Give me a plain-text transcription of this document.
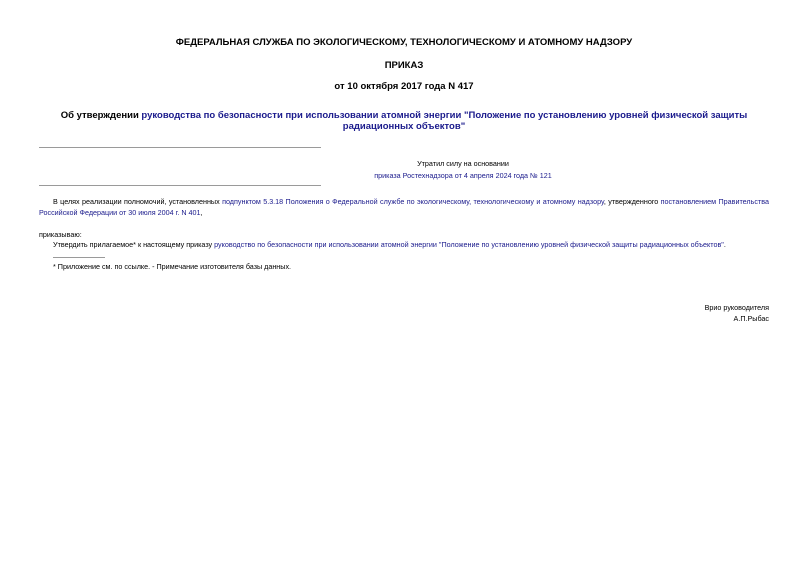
ФЕДЕРАЛЬНАЯ СЛУЖБА ПО ЭКОЛОГИЧЕСКОМУ, ТЕХНОЛОГИЧЕСКОМУ И АТОМНОМУ НАДЗОРУ
ПРИКАЗ
от 10 октября 2017 года N 417
Об утверждении руководства по безопасности при использовании атомной энергии "Положение по установлению уровней физической защиты радиационных объектов"
Утратил силу на основании
приказа Ростехнадзора от 4 апреля 2024 года № 121
В целях реализации полномочий, установленных подпунктом 5.3.18 Положения о Федеральной службе по экологическому, технологическому и атомному надзору, утвержденного постановлением Правительства Российской Федерации от 30 июля 2004 г. N 401,
приказываю:
Утвердить прилагаемое* к настоящему приказу руководство по безопасности при использовании атомной энергии "Положение по установлению уровней физической защиты радиационных объектов".
* Приложение см. по ссылке. - Примечание изготовителя базы данных.
Врио руководителя
А.П.Рыбас
